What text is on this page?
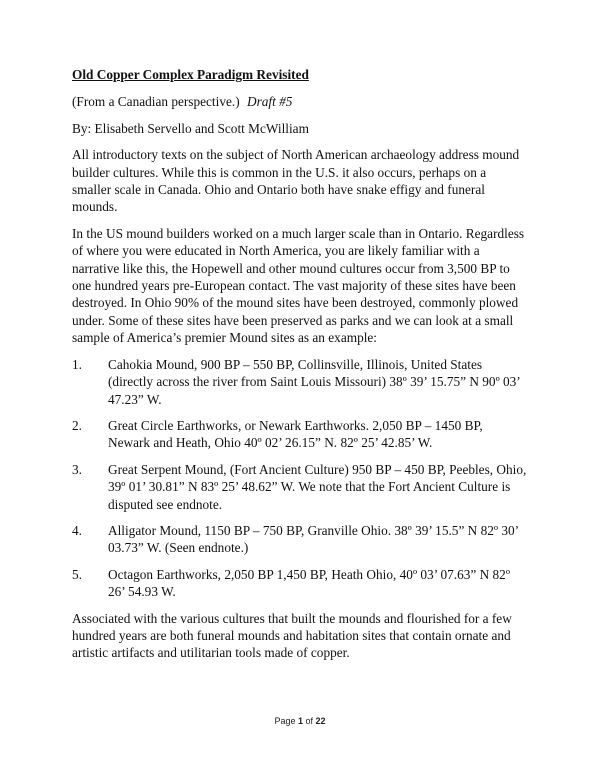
Old Copper Complex Paradigm Revisited
(From a Canadian perspective.) Draft #5
By: Elisabeth Servello and Scott McWilliam
All introductory texts on the subject of North American archaeology address mound builder cultures. While this is common in the U.S. it also occurs, perhaps on a smaller scale in Canada. Ohio and Ontario both have snake effigy and funeral mounds.
In the US mound builders worked on a much larger scale than in Ontario. Regardless of where you were educated in North America, you are likely familiar with a narrative like this, the Hopewell and other mound cultures occur from 3,500 BP to one hundred years pre-European contact. The vast majority of these sites have been destroyed. In Ohio 90% of the mound sites have been destroyed, commonly plowed under. Some of these sites have been preserved as parks and we can look at a small sample of America’s premier Mound sites as an example:
1. Cahokia Mound, 900 BP – 550 BP, Collinsville, Illinois, United States (directly across the river from Saint Louis Missouri) 38º 39’ 15.75” N 90º 03’ 47.23” W.
2. Great Circle Earthworks, or Newark Earthworks. 2,050 BP – 1450 BP, Newark and Heath, Ohio 40º 02’ 26.15” N. 82º 25’ 42.85’ W.
3. Great Serpent Mound, (Fort Ancient Culture) 950 BP – 450 BP, Peebles, Ohio, 39º 01’ 30.81” N 83º 25’ 48.62” W. We note that the Fort Ancient Culture is disputed see endnote.
4. Alligator Mound, 1150 BP – 750 BP, Granville Ohio. 38º 39’ 15.5” N 82º 30’ 03.73” W. (Seen endnote.)
5. Octagon Earthworks, 2,050 BP 1,450 BP, Heath Ohio, 40º 03’ 07.63” N 82º 26’ 54.93 W.
Associated with the various cultures that built the mounds and flourished for a few hundred years are both funeral mounds and habitation sites that contain ornate and artistic artifacts and utilitarian tools made of copper.
Page 1 of 22
